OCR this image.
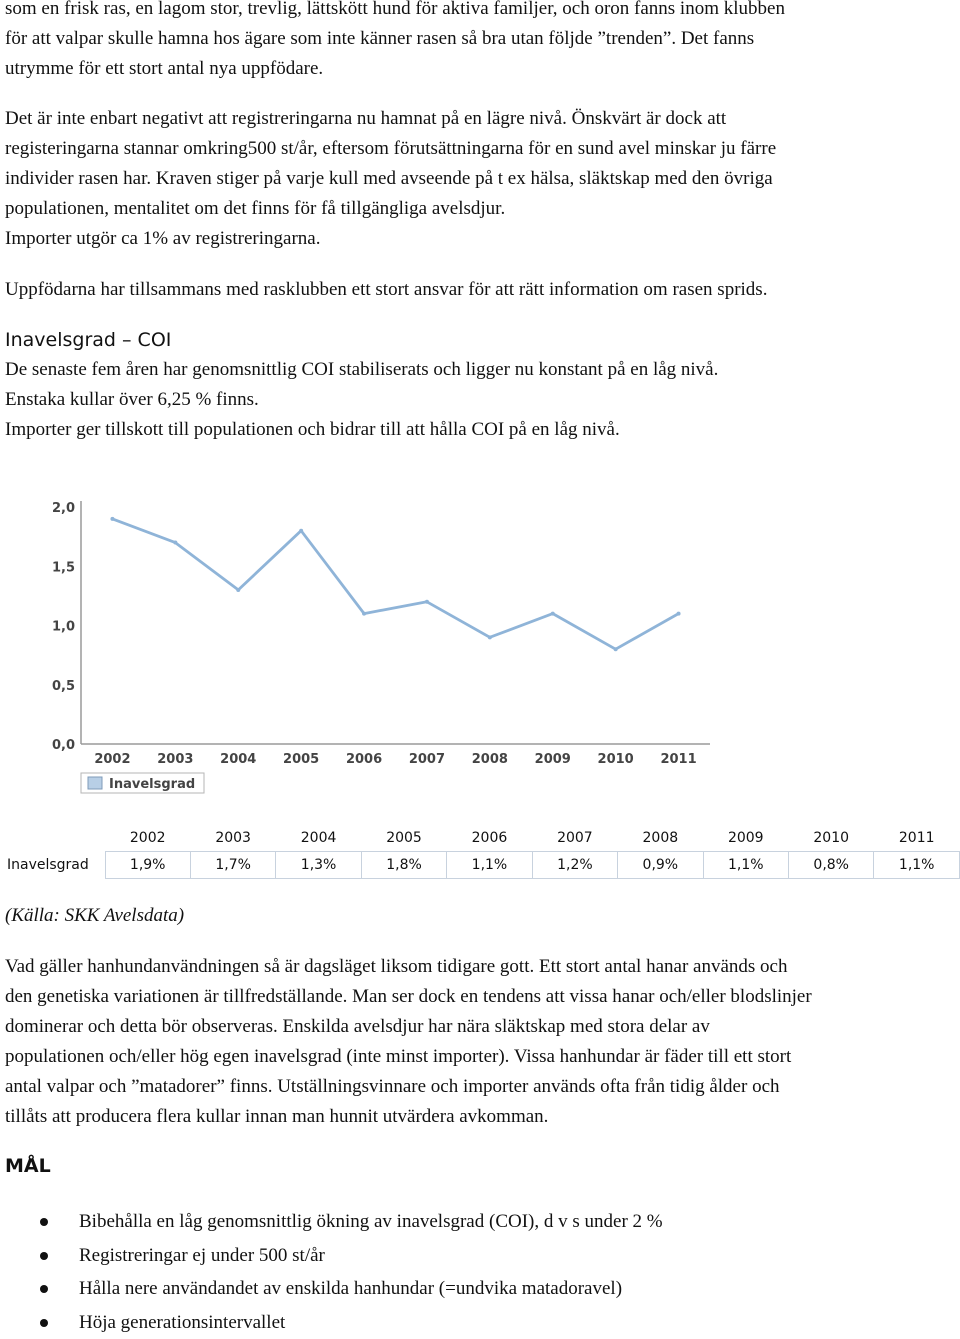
som en frisk ras, en lagom stor, trevlig, lättskött hund för aktiva familjer, och oron fanns inom klubben
för att valpar skulle hamna hos ägare som inte känner rasen så bra utan följde ”trenden”. Det fanns
utrymme för ett stort antal nya uppfödare.
Det är inte enbart negativt att registreringarna nu hamnat på en lägre nivå. Önskvärt är dock att
registeringarna stannar omkring500 st/år, eftersom förutsättningarna för en sund avel minskar ju färre
individer rasen har. Kraven stiger på varje kull med avseende på t ex hälsa, släktskap med den övriga
populationen, mentalitet om det finns för få tillgängliga avelsdjur.
Importer utgör ca 1% av registreringarna.
Uppfödarna har tillsammans med rasklubben ett stort ansvar för att rätt information om rasen sprids.
Inavelsgrad – COI
De senaste fem åren har genomsnittlig COI stabiliserats och ligger nu konstant på en låg nivå.
Enstaka kullar över 6,25 % finns.
Importer ger tillskott till populationen och bidrar till att hålla COI på en låg nivå.
0,0
0,5
1,0
1,5
2,0
2002 2003 2004 2005 2006 2007 2008 2009 2010 2011
Inavelsgrad
	2002	2003	2004	2005	2006	2007	2008	2009	2010	2011
Inavelsgrad	1,9%	1,7%	1,3%	1,8%	1,1%	1,2%	0,9%	1,1%	0,8%	1,1%

(Källa: SKK Avelsdata)

Vad gäller hanhundanvändningen så är dagsläget liksom tidigare gott. Ett stort antal hanar används och
den genetiska variationen är tillfredställande. Man ser dock en tendens att vissa hanar och/eller blodslinjer
dominerar och detta bör observeras. Enskilda avelsdjur har nära släktskap med stora delar av
populationen och/eller hög egen inavelsgrad (inte minst importer). Vissa hanhundar är fäder till ett stort
antal valpar och ”matadorer” finns. Utställningsvinnare och importer används ofta från tidig ålder och
tillåts att producera flera kullar innan man hunnit utvärdera avkomman.
MÅL
Bibehålla en låg genomsnittlig ökning av inavelsgrad (COI), d v s under 2 %
Registreringar ej under 500 st/år
Hålla nere användandet av enskilda hanhundar (=undvika matadoravel)
Höja generationsintervallet
